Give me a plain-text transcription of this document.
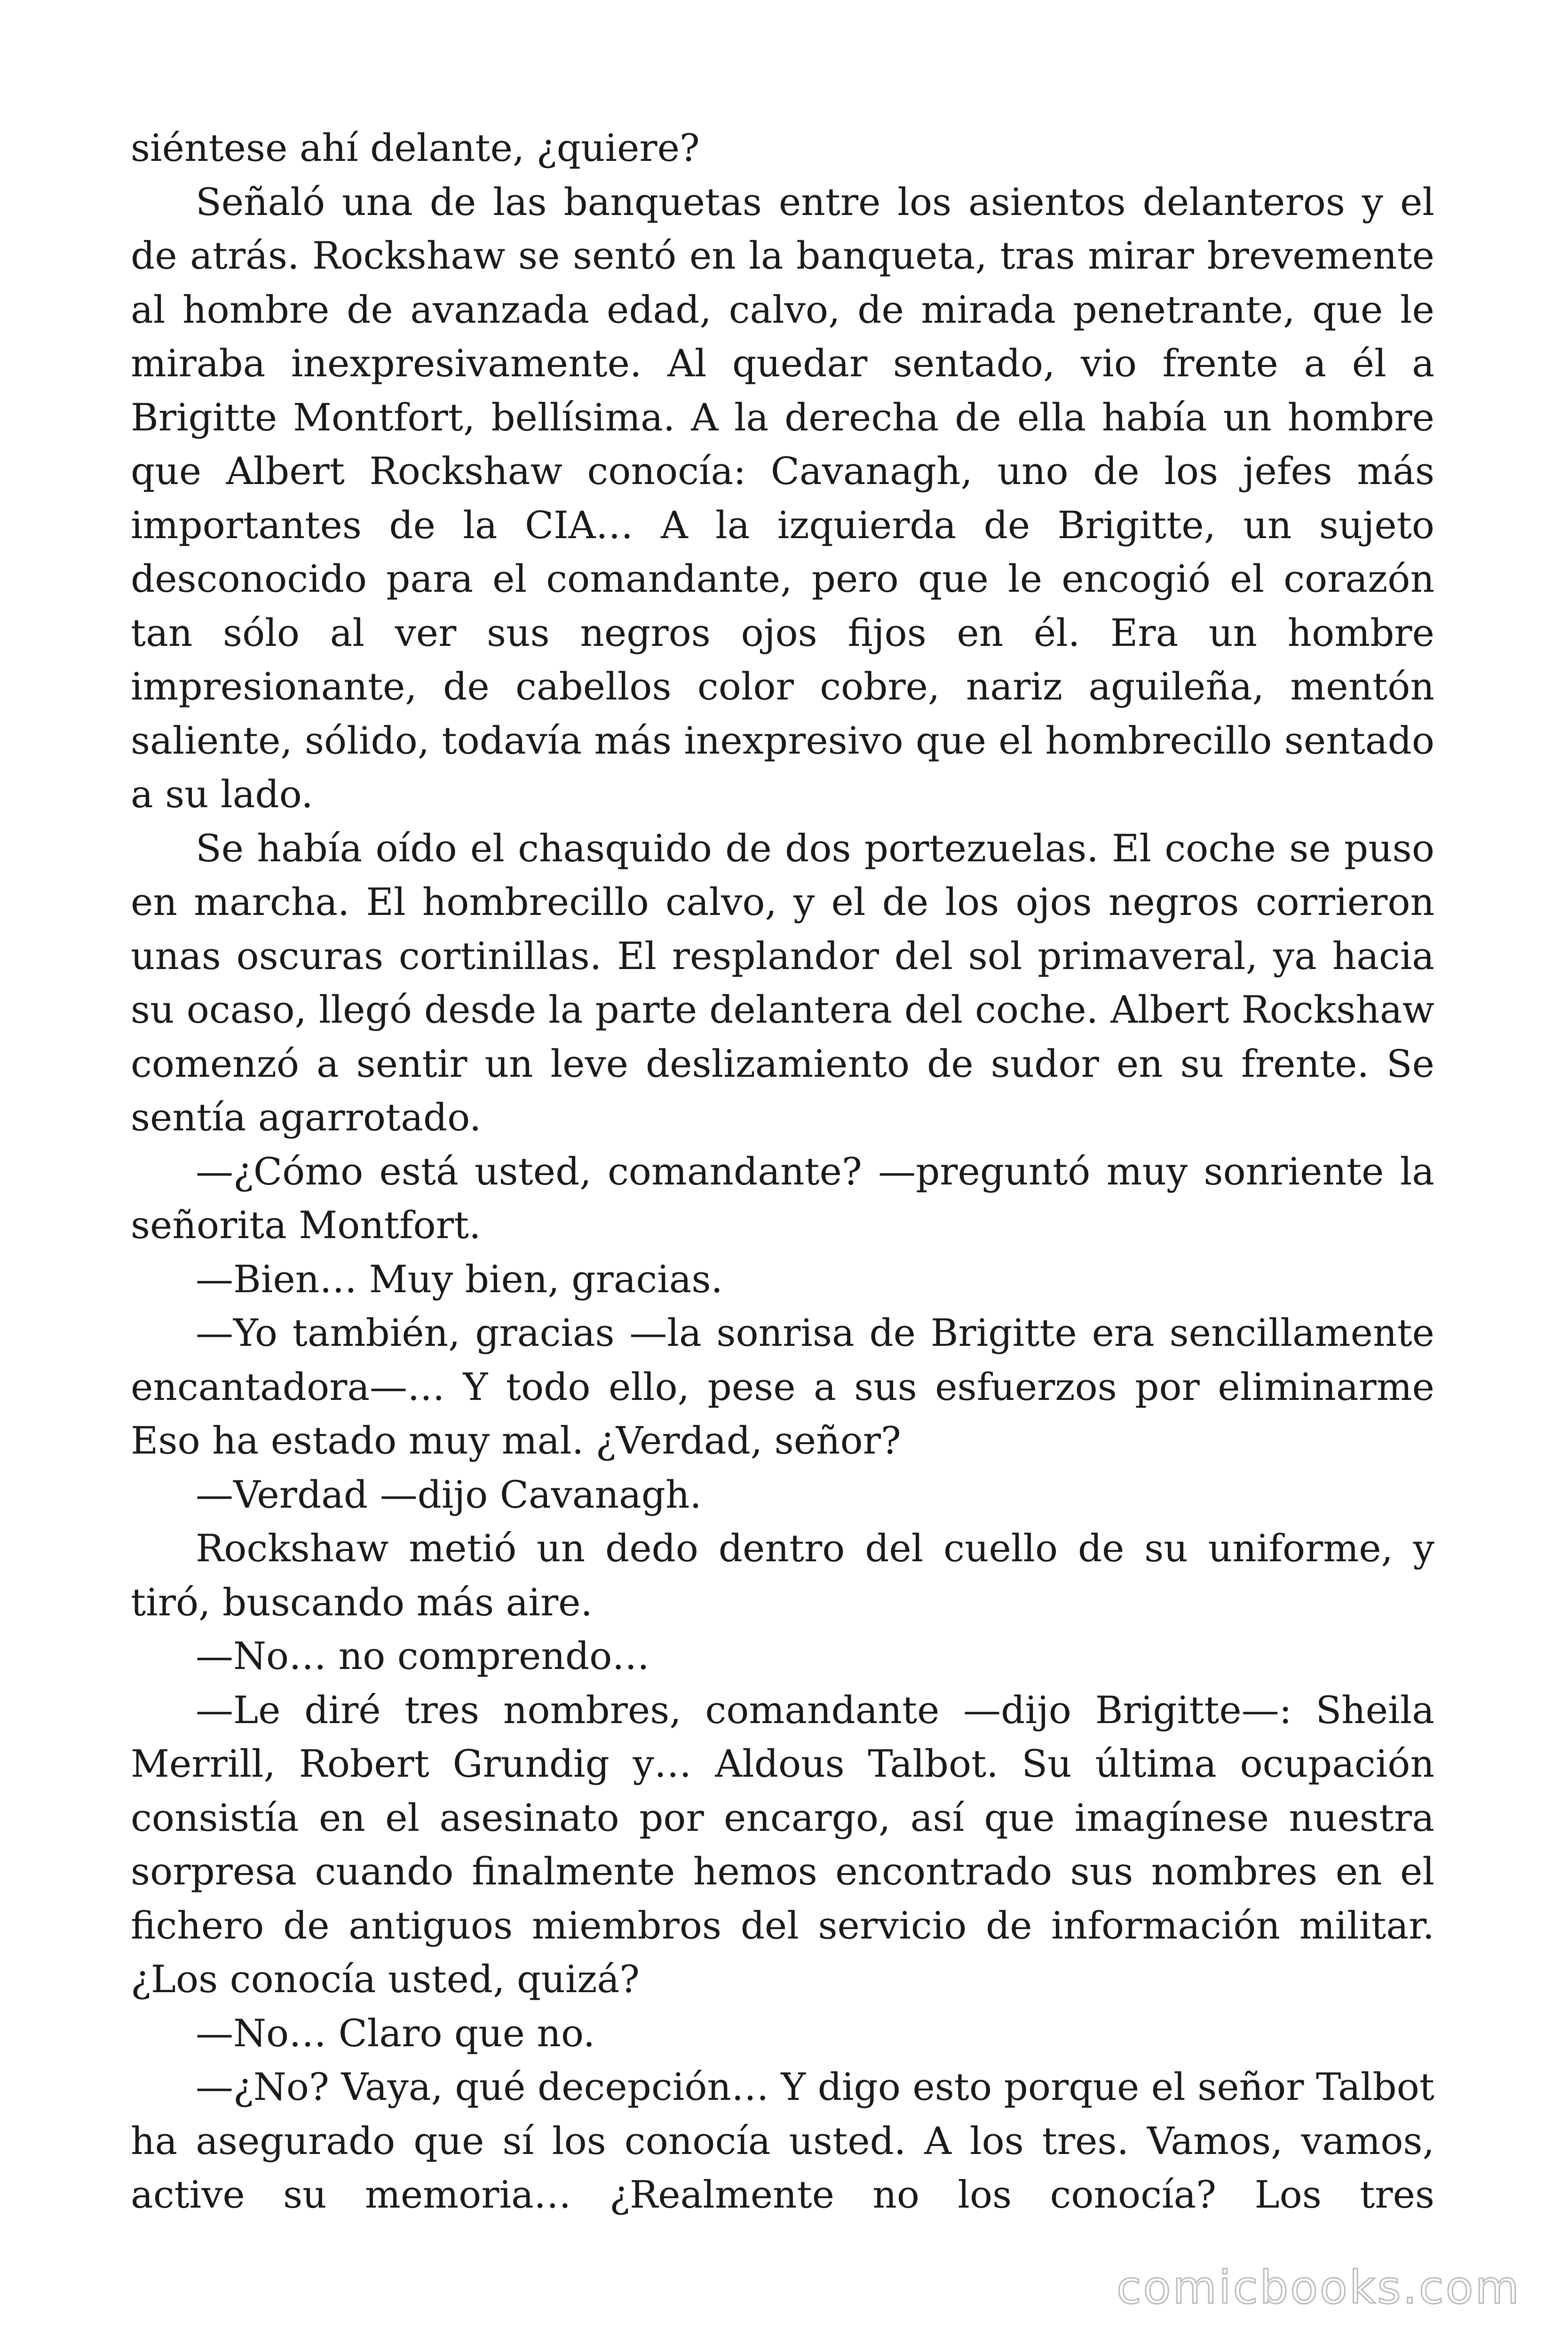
siéntese ahí delante, ¿quiere?

Señaló una de las banquetas entre los asientos delanteros y el de atrás. Rockshaw se sentó en la banqueta, tras mirar brevemente al hombre de avanzada edad, calvo, de mirada penetrante, que le miraba inexpresivamente. Al quedar sentado, vio frente a él a Brigitte Montfort, bellísima. A la derecha de ella había un hombre que Albert Rockshaw conocía: Cavanagh, uno de los jefes más importantes de la CIA… A la izquierda de Brigitte, un sujeto desconocido para el comandante, pero que le encogió el corazón tan sólo al ver sus negros ojos fijos en él. Era un hombre impresionante, de cabellos color cobre, nariz aguileña, mentón saliente, sólido, todavía más inexpresivo que el hombrecillo sentado a su lado.

Se había oído el chasquido de dos portezuelas. El coche se puso en marcha. El hombrecillo calvo, y el de los ojos negros corrieron unas oscuras cortinillas. El resplandor del sol primaveral, ya hacia su ocaso, llegó desde la parte delantera del coche. Albert Rockshaw comenzó a sentir un leve deslizamiento de sudor en su frente. Se sentía agarrotado.

—¿Cómo está usted, comandante? —preguntó muy sonriente la señorita Montfort.

—Bien… Muy bien, gracias.

—Yo también, gracias —la sonrisa de Brigitte era sencillamente encantadora—… Y todo ello, pese a sus esfuerzos por eliminarme Eso ha estado muy mal. ¿Verdad, señor?

—Verdad —dijo Cavanagh.

Rockshaw metió un dedo dentro del cuello de su uniforme, y tiró, buscando más aire.

—No… no comprendo…

—Le diré tres nombres, comandante —dijo Brigitte—: Sheila Merrill, Robert Grundig y… Aldous Talbot. Su última ocupación consistía en el asesinato por encargo, así que imagínese nuestra sorpresa cuando finalmente hemos encontrado sus nombres en el fichero de antiguos miembros del servicio de información militar. ¿Los conocía usted, quizá?

—No… Claro que no.

—¿No? Vaya, qué decepción… Y digo esto porque el señor Talbot ha asegurado que sí los conocía usted. A los tres. Vamos, vamos, active su memoria… ¿Realmente no los conocía? Los tres

comicbooks.com
